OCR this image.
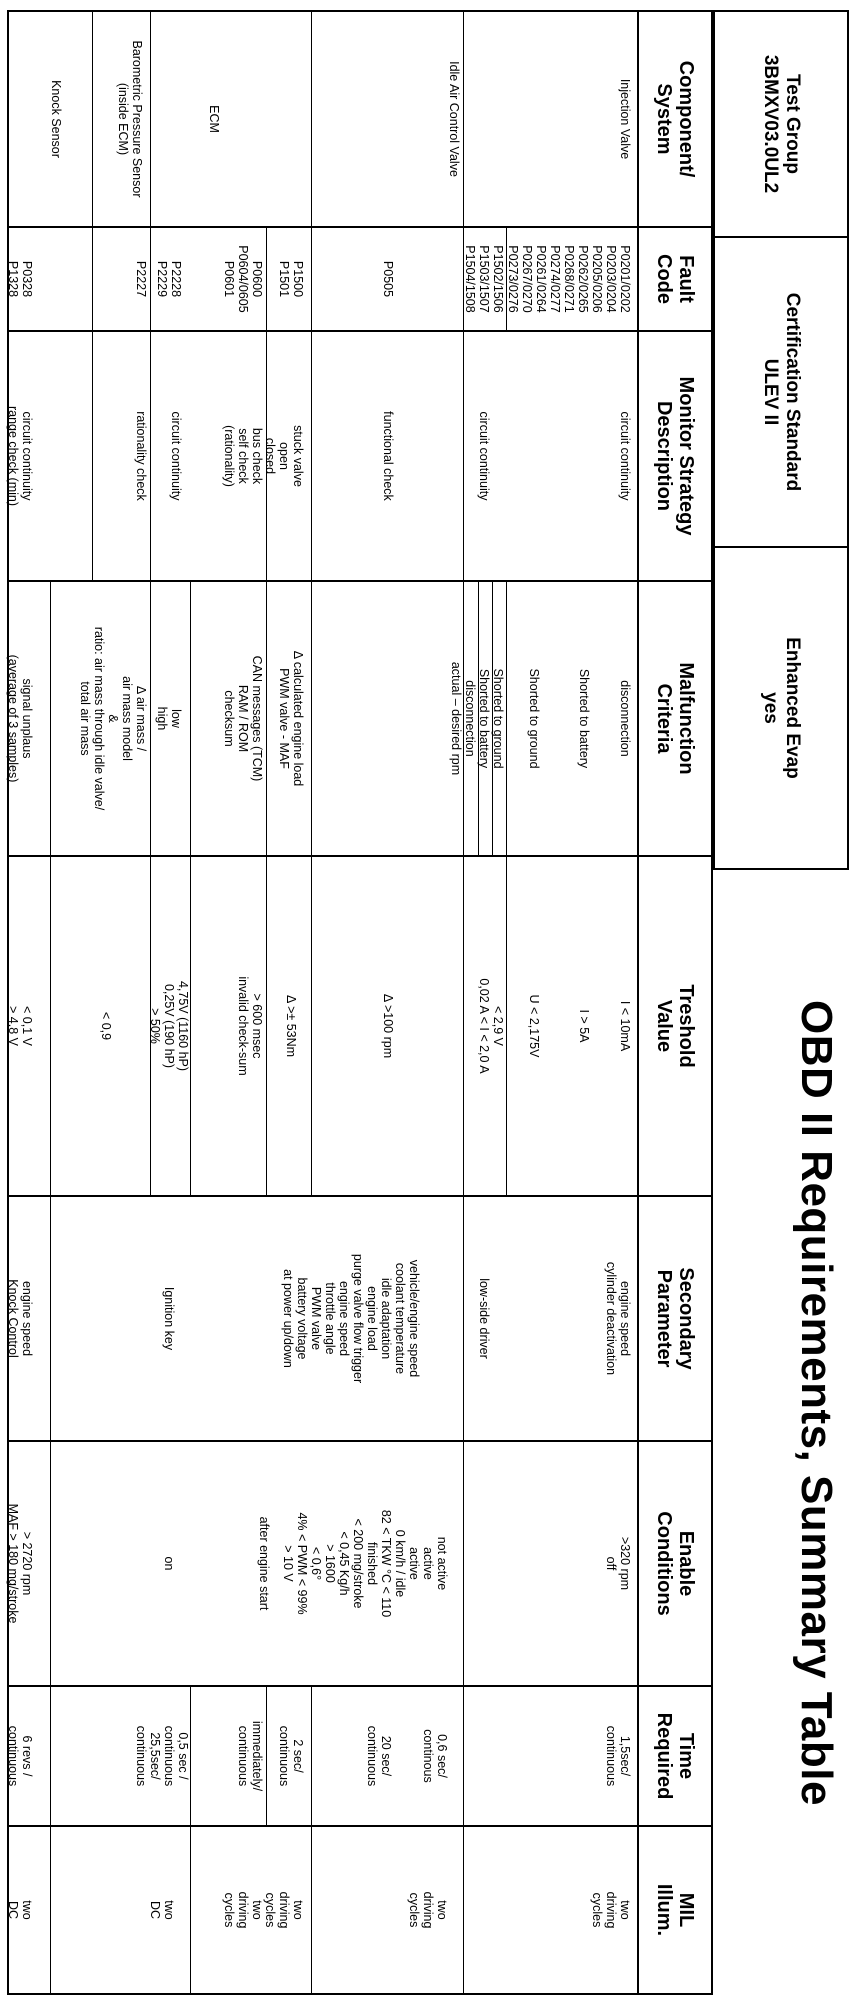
OBD II Requirements, Summary Table
Test Group
3BMXV03.0UL2
Certification Standard
ULEV II
Enhanced Evap
yes
Component/
System
Injection Valve
Idle Air Control Valve
ECM
Barometric Pressure Sensor
(inside ECM)
Knock Sensor
Fault
Code
P0201/0202
P0203/0204
P0205/0206
P0262/0265
P0268/0271
P0274/0277
P0261/0264
P0267/0270
P0273/0276
P1502/1506
P1503/1507
P1504/1508
P0505
P1500
P1501
P0600
P0604/0605
P0601
P2228
P2229
P2227
P0328
P1328
Monitor Strategy
Description
circuit continuity
circuit continuity
functional check
stuck valve
open
closed
bus check
self check
(rationality)
circuit continuity
rationality check
circuit continuity
range check (min)
Malfunction
Criteria
disconnection
Shorted to battery
Shorted to ground
Shorted to ground
Shorted to battery
disconnection
actual – desired rpm
Δ calculated engine load
PWM valve - MAF
CAN messages (TCM)
RAM / ROM
checksum
low
high
Δ air mass /
air mass model
&
ratio: air mass through idle valve/
total air mass
signal unplaus
(average of 3 samples)
Treshold
Value
I < 10mA
I > 5A
U < 2,175V
< 2,9 V
0,02 A < I < 2,0 A
Δ >100 rpm
Δ >± 53Nm
> 600 msec
invalid check-sum
4,75V (1160 hP)
0,25V (190 hP)
> 50%
< 0,9
< 0,1 V
> 4,8 V
Secondary
Parameter
engine speed
cylinder deactivation
low-side driver
vehicle/engine speed
coolant temperature
idle adaptation
engine load
purge valve flow trigger
engine speed
throttle angle
PWM valve
battery voltage
at power up/down
Ignition key
engine speed
Knock Control
Enable
Conditions
>320 rpm
off
not active
active
active
0 km/h / idle
82 < TKW °C < 110
finished
< 200 mg/stroke
< 0,45 Kg/h
> 1600
< 0,6°
4% < PWM < 99%
> 10 V
after engine start
on
> 2720 rpm
MAF > 180 mg/stroke
Time
Required
1,5sec/
continuous
0,6 sec/
continous
20 sec/
continuous
2 sec/
continuous
immediately/
continuous
0,5 sec /
continuous
25,5sec/
continuous
6 revs /
continuous
MIL
Illum.
two
driving
cycles
two
driving
cycles
two
driving
cycles
two
driving
cycles
two
DC
two
DC
